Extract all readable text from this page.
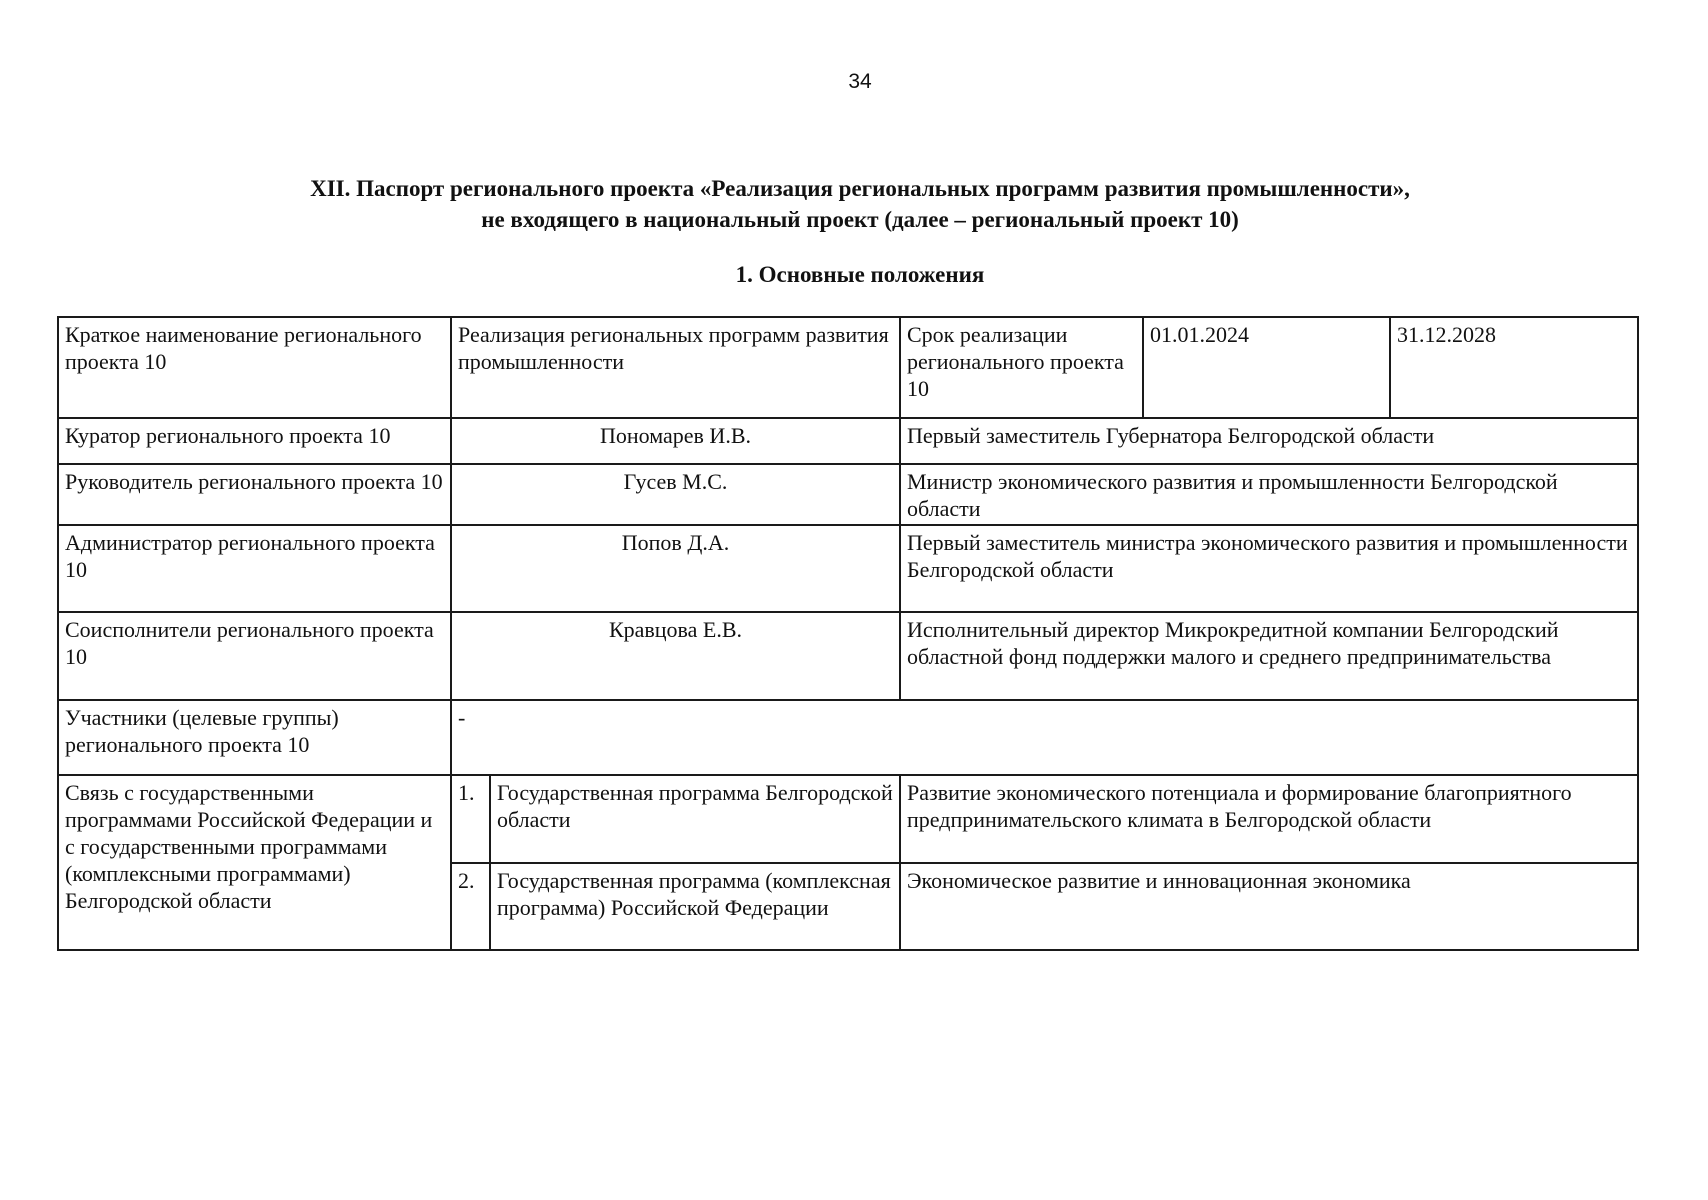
34
XII. Паспорт регионального проекта «Реализация региональных программ развития промышленности»,
не входящего в национальный проект (далее – региональный проект 10)
1. Основные положения
Краткое наименование регионального проекта 10	Реализация региональных программ развития промышленности		Срок реализации регионального проекта 10	01.01.2024	31.12.2028
Куратор регионального проекта 10	Пономарев И.В.		Первый заместитель Губернатора Белгородской области		
Руководитель регионального проекта 10	Гусев М.С.		Министр экономического развития и промышленности Белгородской области		
Администратор регионального проекта 10	Попов Д.А.		Первый заместитель министра экономического развития и промышленности Белгородской области		
Соисполнители регионального проекта 10	Кравцова Е.В.		Исполнительный директор Микрокредитной компании Белгородский областной фонд поддержки малого и среднего предпринимательства		
Участники (целевые группы) регионального проекта 10	-				
Связь с государственными программами Российской Федерации и с государственными программами (комплексными программами) Белгородской области	1.	Государственная программа Белгородской области	Развитие экономического потенциала и формирование благоприятного предпринимательского климата в Белгородской области		
	2.	Государственная программа (комплексная программа) Российской Федерации	Экономическое развитие и инновационная экономика		
